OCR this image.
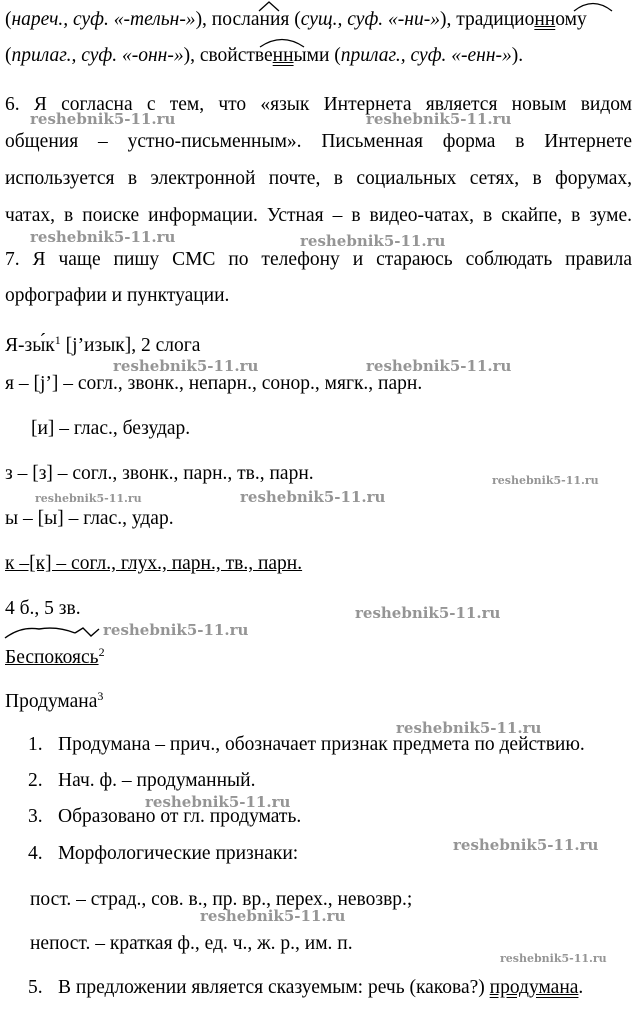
(нареч., суф. «-тельн-»), послания (сущ., суф. «-ни-»), традиционному
(прилаг., суф. «-онн-»), свойственными (прилаг., суф. «-енн-»).
6. Я согласна с тем, что «язык Интернета является новым видом
общения – устно-письменным». Письменная форма в Интернете
используется в электронной почте, в социальных сетях, в форумах,
чатах, в поиске информации. Устная – в видео-чатах, в скайпе, в зуме.
7. Я чаще пишу СМС по телефону и стараюсь соблюдать правила
орфографии и пунктуации.
$Я-зы́к^1$ [j’изык], 2 слога
я – [j’] – согл., звонк., непарн., сонор., мягк., парн.
[и] – глас., безудар.
з – [з] – согл., звонк., парн., тв., парн.
ы – [ы] – глас., удар.
к –[к] – согл., глух., парн., тв., парн.
4 б., 5 зв.
Беспокоясь2
Продумана$^3$
1. Продумана – прич., обозначает признак предмета по действию.
2. Нач. ф. – продуманный.
3. Образовано от гл. продумать.
4. Морфологические признаки:
пост. – страд., сов. в., пр. вр., перех., невозвр.;
непост. – краткая ф., ед. ч., ж. р., им. п.
5. В предложении является сказуемым: речь (какова?) продумана.
reshebnik5-11.ru	reshebnik5-11.ru
reshebnik5-11.ru	reshebnik5-11.ru
reshebnik5-11.ru	reshebnik5-11.ru
reshebnik5-11.ru
reshebnik5-11.ru	reshebnik5-11.ru
reshebnik5-11.ru
reshebnik5-11.ru
reshebnik5-11.ru
reshebnik5-11.ru
reshebnik5-11.ru
reshebnik5-11.ru
reshebnik5-11.ru
